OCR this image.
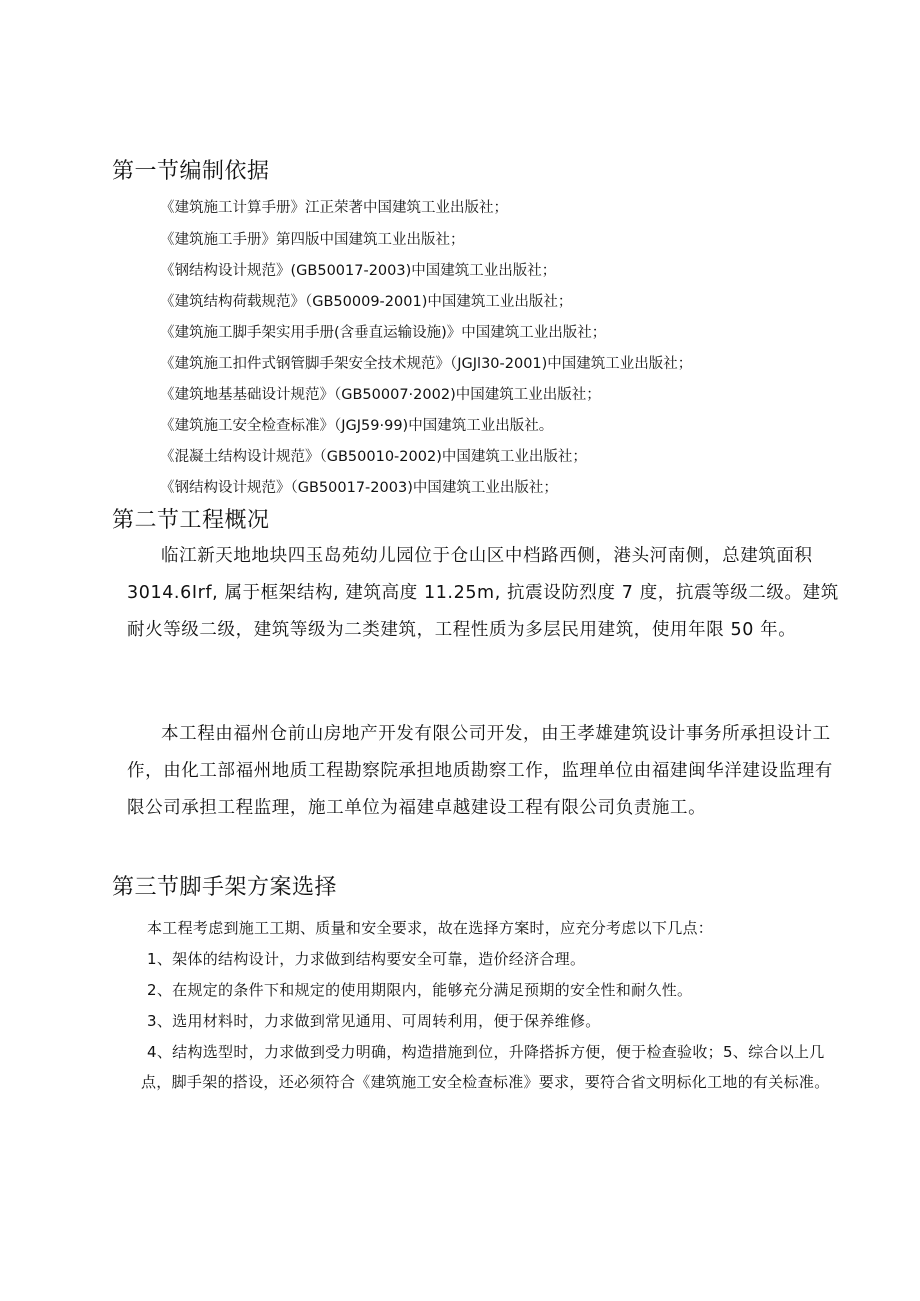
第一节编制依据
《建筑施工计算手册》江正荣著中国建筑工业出版社；
《建筑施工手册》第四版中国建筑工业出版社；
《钢结构设计规范》(GB50017-2003)中国建筑工业出版社；
《建筑结构荷载规范》（GB50009-2001)中国建筑工业出版社；
《建筑施工脚手架实用手册(含垂直运输设施)》中国建筑工业出版社；
《建筑施工扣件式钢管脚手架安全技术规范》（JGJl30-2001)中国建筑工业出版社；
《建筑地基基础设计规范》（GB50007·2002)中国建筑工业出版社；
《建筑施工安全检查标准》（JGJ59·99)中国建筑工业出版社。
《混凝土结构设计规范》（GB50010-2002)中国建筑工业出版社；
《钢结构设计规范》（GB50017-2003)中国建筑工业出版社；
第二节工程概况
临江新天地地块四玉岛苑幼儿园位于仓山区中档路西侧，港头河南侧，总建筑面积 3014.6Irf, 属于框架结构, 建筑高度 11.25m, 抗震设防烈度 7 度，抗震等级二级。建筑耐火等级二级，建筑等级为二类建筑，工程性质为多层民用建筑，使用年限 50 年。
本工程由福州仓前山房地产开发有限公司开发，由王孝雄建筑设计事务所承担设计工作，由化工部福州地质工程勘察院承担地质勘察工作，监理单位由福建闽华洋建设监理有限公司承担工程监理，施工单位为福建卓越建设工程有限公司负责施工。
第三节脚手架方案选择
本工程考虑到施工工期、质量和安全要求，故在选择方案时，应充分考虑以下几点：
1、架体的结构设计，力求做到结构要安全可靠，造价经济合理。
2、在规定的条件下和规定的使用期限内，能够充分满足预期的安全性和耐久性。
3、选用材料时，力求做到常见通用、可周转利用，便于保养维修。
4、结构选型时，力求做到受力明确，构造措施到位，升降搭拆方便，便于检查验收；5、综合以上几点，脚手架的搭设，还必须符合《建筑施工安全检查标准》要求，要符合省文明标化工地的有关标准。
